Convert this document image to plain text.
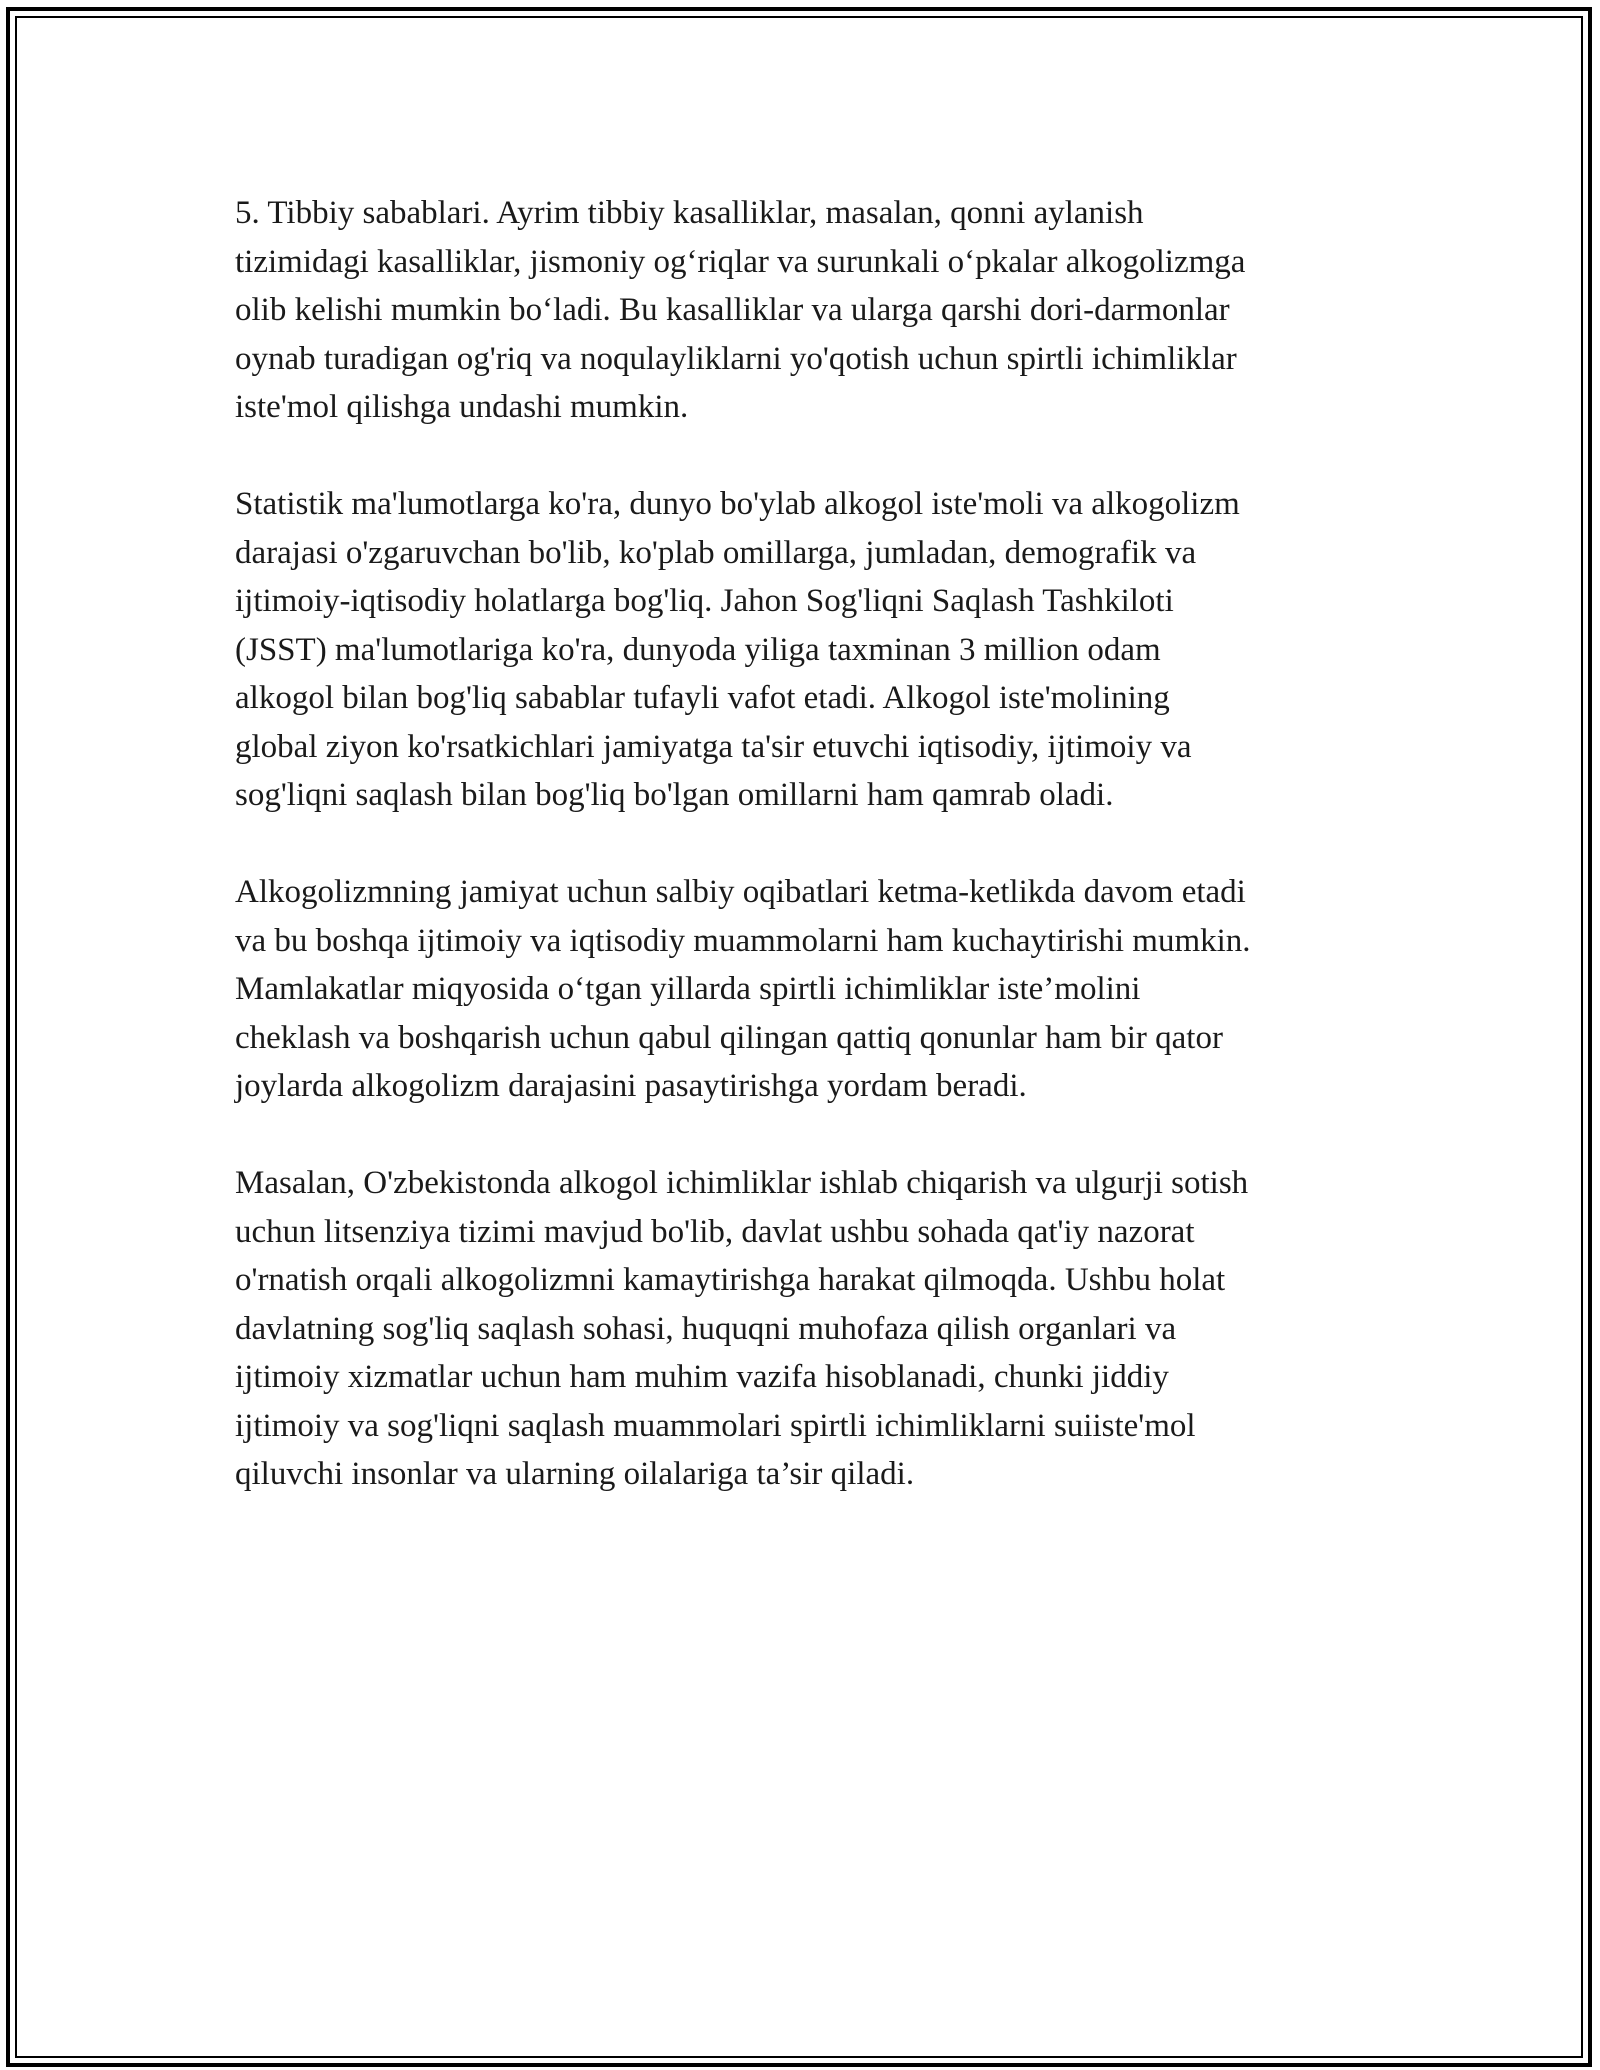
5. Tibbiy sabablari. Ayrim tibbiy kasalliklar, masalan, qonni aylanish
tizimidagi kasalliklar, jismoniy og‘riqlar va surunkali o‘pkalar alkogolizmga
olib kelishi mumkin bo‘ladi. Bu kasalliklar va ularga qarshi dori-darmonlar
oynab turadigan og'riq va noqulayliklarni yo'qotish uchun spirtli ichimliklar
iste'mol qilishga undashi mumkin.

Statistik ma'lumotlarga ko'ra, dunyo bo'ylab alkogol iste'moli va alkogolizm
darajasi o'zgaruvchan bo'lib, ko'plab omillarga, jumladan, demografik va
ijtimoiy-iqtisodiy holatlarga bog'liq. Jahon Sog'liqni Saqlash Tashkiloti
(JSST) ma'lumotlariga ko'ra, dunyoda yiliga taxminan 3 million odam
alkogol bilan bog'liq sabablar tufayli vafot etadi. Alkogol iste'molining
global ziyon ko'rsatkichlari jamiyatga ta'sir etuvchi iqtisodiy, ijtimoiy va
sog'liqni saqlash bilan bog'liq bo'lgan omillarni ham qamrab oladi.

Alkogolizmning jamiyat uchun salbiy oqibatlari ketma-ketlikda davom etadi
va bu boshqa ijtimoiy va iqtisodiy muammolarni ham kuchaytirishi mumkin.
Mamlakatlar miqyosida o‘tgan yillarda spirtli ichimliklar iste’molini
cheklash va boshqarish uchun qabul qilingan qattiq qonunlar ham bir qator
joylarda alkogolizm darajasini pasaytirishga yordam beradi.

Masalan, O'zbekistonda alkogol ichimliklar ishlab chiqarish va ulgurji sotish
uchun litsenziya tizimi mavjud bo'lib, davlat ushbu sohada qat'iy nazorat
o'rnatish orqali alkogolizmni kamaytirishga harakat qilmoqda. Ushbu holat
davlatning sog'liq saqlash sohasi, huquqni muhofaza qilish organlari va
ijtimoiy xizmatlar uchun ham muhim vazifa hisoblanadi, chunki jiddiy
ijtimoiy va sog'liqni saqlash muammolari spirtli ichimliklarni suiiste'mol
qiluvchi insonlar va ularning oilalariga ta’sir qiladi.
